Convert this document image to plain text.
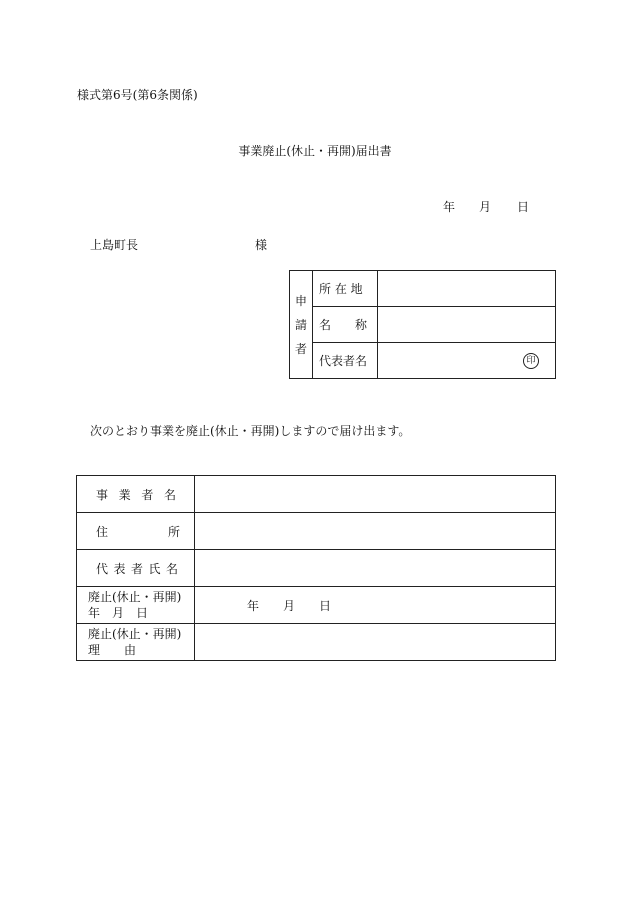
様式第6号(第6条関係)
事業廃止(休止・再開)届出書
年 月 日
上島町長	様
申
請
者	所 在 地	
	名　　称	
	代表者名	印
次のとおり事業を廃止(休止・再開)しますので届け出ます。
事 業 者 名	

住 所	

代 表 者 氏 名	

廃止(休止・再開)
年　月　日	年 月 日

廃止(休止・再開)
理　　由	
